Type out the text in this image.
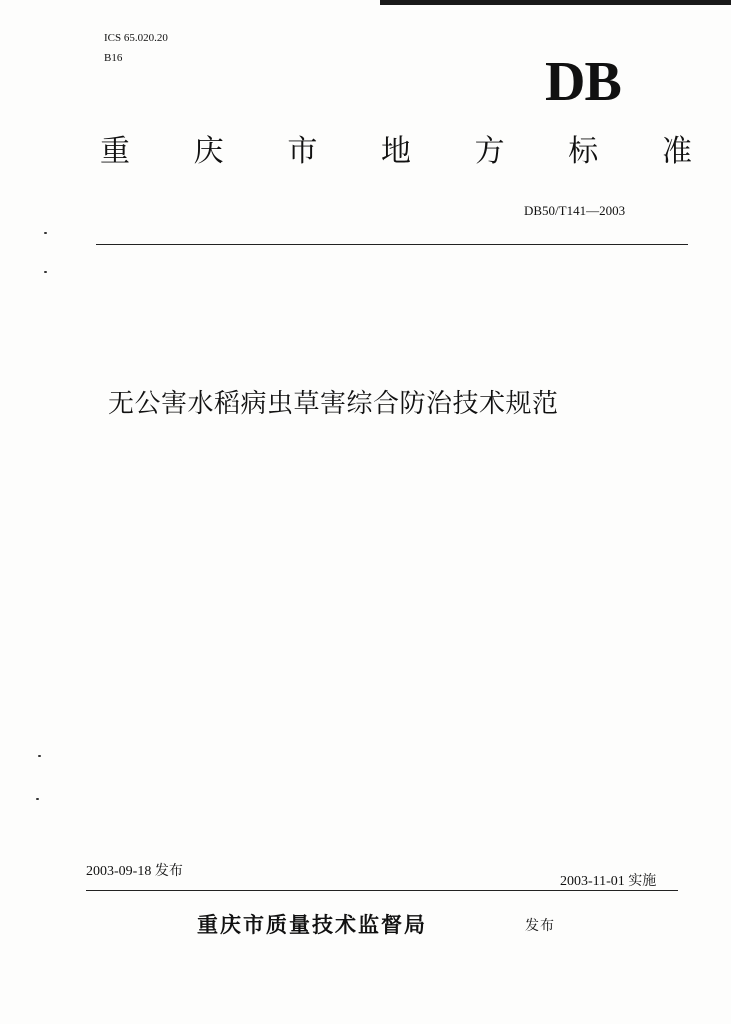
ICS 65.020.20
B16	DB
重 庆 市 地 方 标 准
DB50/T141—2003
无公害水稻病虫草害综合防治技术规范
2003-09-18 发布
2003-11-01 实施
重庆市质量技术监督局	发布
